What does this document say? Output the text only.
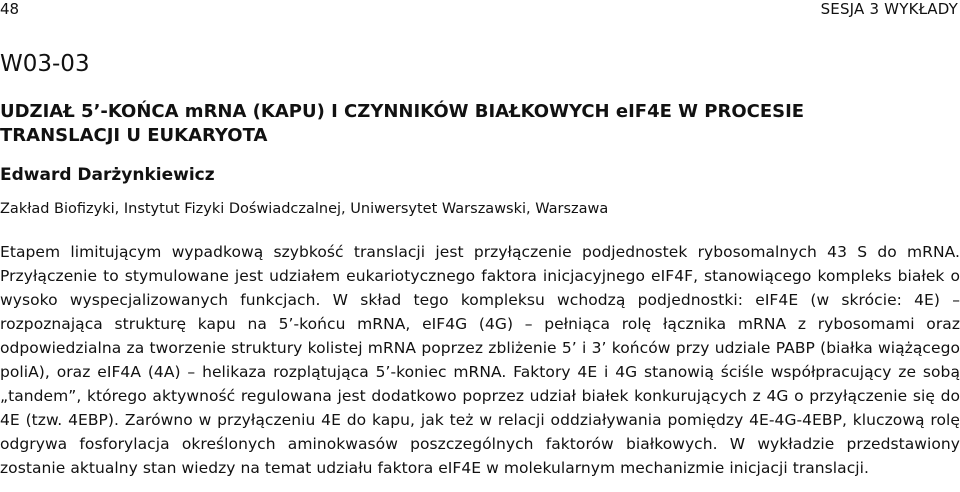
48	SESJA 3 WYKŁADY
W03-03
UDZIAŁ 5’-KOŃCA mRNA (KAPU) I CZYNNIKÓW BIAŁKOWYCH eIF4E W PROCESIE TRANSLACJI U EUKARYOTA

Edward Darżynkiewicz

Zakład Biofizyki, Instytut Fizyki Doświadczalnej, Uniwersytet Warszawski, Warszawa

Etapem limitującym wypadkową szybkość translacji jest przyłączenie podjednostek rybosomalnych 43 S do mRNA. Przyłączenie to stymulowane jest udziałem eukariotycznego faktora inicjacyjnego eIF4F, stanowiącego kompleks białek o wysoko wyspecjalizowanych funkcjach. W skład tego kompleksu wchodzą podjednostki: eIF4E (w skrócie: 4E) – rozpoznająca strukturę kapu na 5’-końcu mRNA, eIF4G (4G) – pełniąca rolę łącznika mRNA z rybosomami oraz odpowiedzialna za tworzenie struktury kolistej mRNA poprzez zbliżenie 5’ i 3’ końców przy udziale PABP (białka wiążącego poliA), oraz eIF4A (4A) – helikaza rozplątująca 5’-koniec mRNA. Faktory 4E i 4G stanowią ściśle współpracujący ze sobą „tandem”, którego aktywność regulowana jest dodatkowo poprzez udział białek konkurujących z 4G o przyłączenie się do 4E (tzw. 4EBP). Zarówno w przyłączeniu 4E do kapu, jak też w relacji oddziaływania pomiędzy 4E-4G-4EBP, kluczową rolę odgrywa fosforylacja określonych aminokwasów poszczególnych faktorów białkowych. W wykładzie przedstawiony zostanie aktualny stan wiedzy na temat udziału faktora eIF4E w molekularnym mechanizmie inicjacji translacji.
